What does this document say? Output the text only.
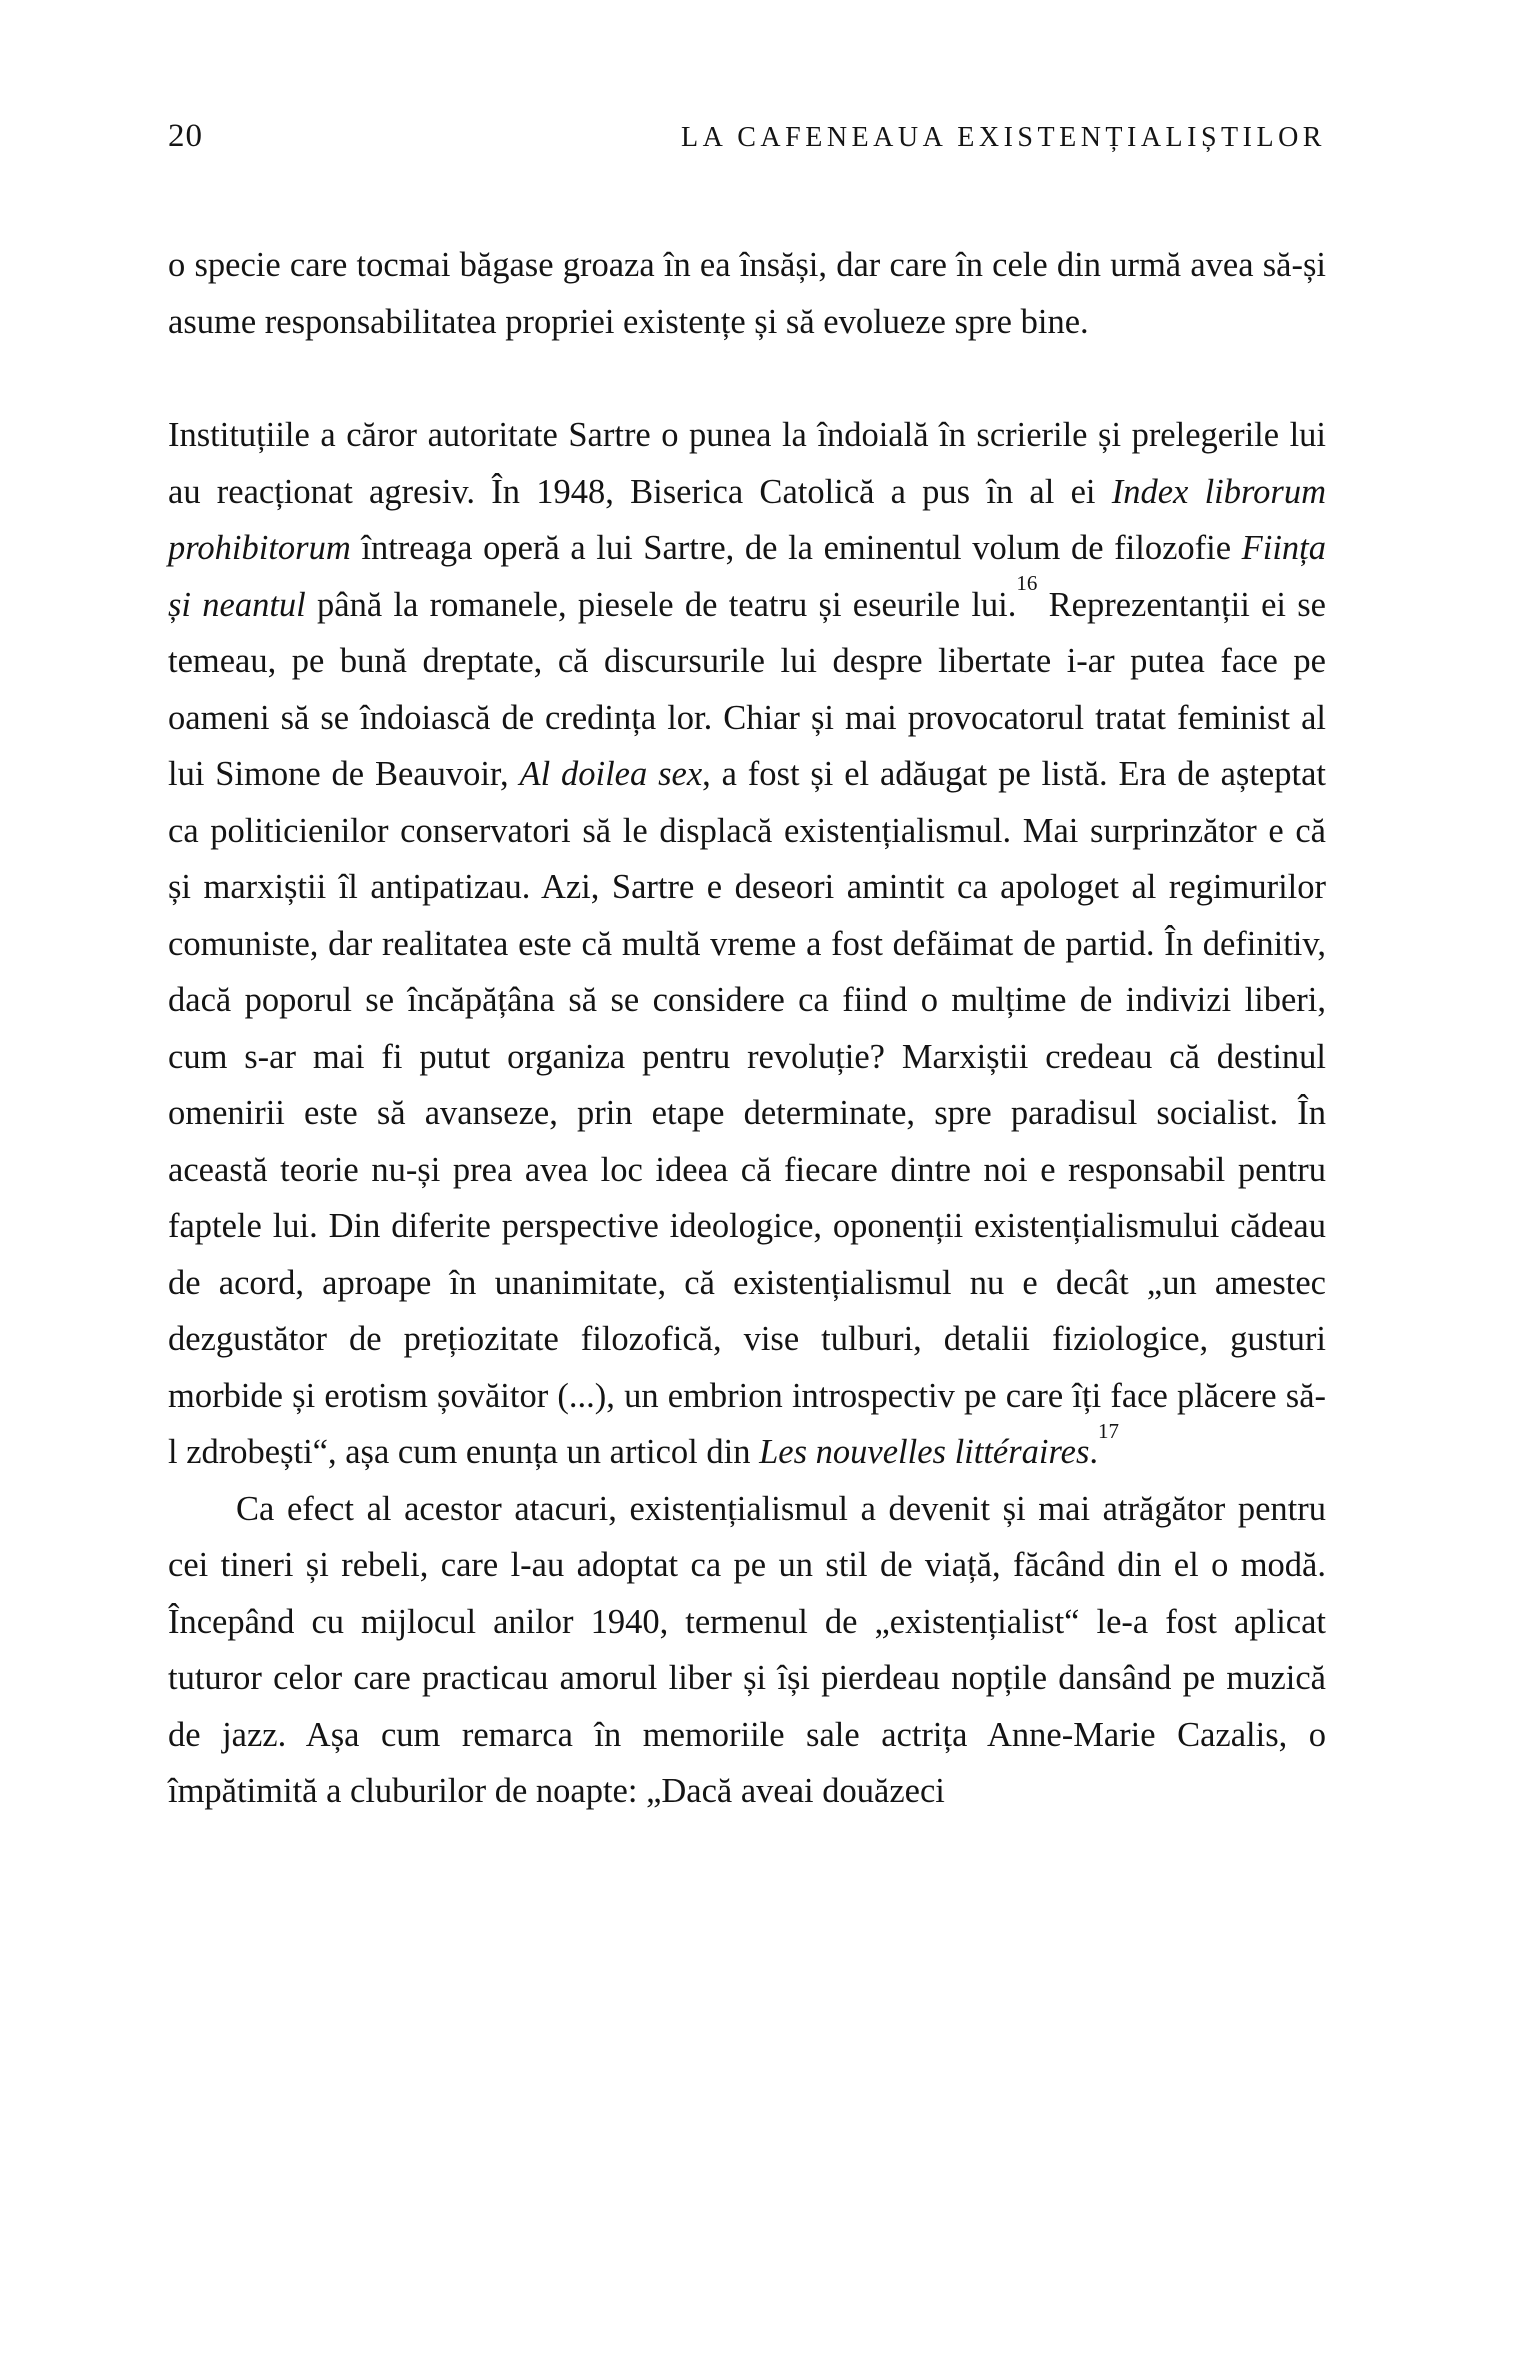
20	LA CAFENEAUA EXISTENȚIALIȘTILOR

o specie care tocmai băgase groaza în ea însăși, dar care în cele din urmă avea să-și asume responsabilitatea propriei existențe și să evolueze spre bine.

Instituțiile a căror autoritate Sartre o punea la îndoială în scrierile și prelegerile lui au reacționat agresiv. În 1948, Biserica Catolică a pus în al ei Index librorum prohibitorum întreaga operă a lui Sartre, de la eminentul volum de filozofie Ființa și neantul până la romanele, piesele de teatru și eseurile lui.$^{16}$ Reprezentanții ei se temeau, pe bună dreptate, că discursurile lui despre libertate i-ar putea face pe oameni să se îndoiască de credința lor. Chiar și mai provocatorul tratat feminist al lui Simone de Beauvoir, Al doilea sex, a fost și el adăugat pe listă. Era de așteptat ca politicienilor conservatori să le displacă existențialismul. Mai surprinzător e că și marxiștii îl antipatizau. Azi, Sartre e deseori amintit ca apologet al regimurilor comuniste, dar realitatea este că multă vreme a fost defăimat de partid. În definitiv, dacă poporul se încăpățâna să se considere ca fiind o mulțime de indivizi liberi, cum s-ar mai fi putut organiza pentru revoluție? Marxiștii credeau că destinul omenirii este să avanseze, prin etape determinate, spre paradisul socialist. În această teorie nu-și prea avea loc ideea că fiecare dintre noi e responsabil pentru faptele lui. Din diferite perspective ideologice, oponenții existențialismului cădeau de acord, aproape în unanimitate, că existențialismul nu e decât „un amestec dezgustător de prețiozitate filozofică, vise tulburi, detalii fiziologice, gusturi morbide și erotism șovăitor (...), un embrion introspectiv pe care îți face plăcere să-l zdrobești“, așa cum enunța un articol din Les nouvelles littéraires.$^{17}$

Ca efect al acestor atacuri, existențialismul a devenit și mai atrăgător pentru cei tineri și rebeli, care l-au adoptat ca pe un stil de viață, făcând din el o modă. Începând cu mijlocul anilor 1940, termenul de „existențialist“ le-a fost aplicat tuturor celor care practicau amorul liber și își pierdeau nopțile dansând pe muzică de jazz. Așa cum remarca în memoriile sale actrița Anne-Marie Cazalis, o împătimită a cluburilor de noapte: „Dacă aveai douăzeci
